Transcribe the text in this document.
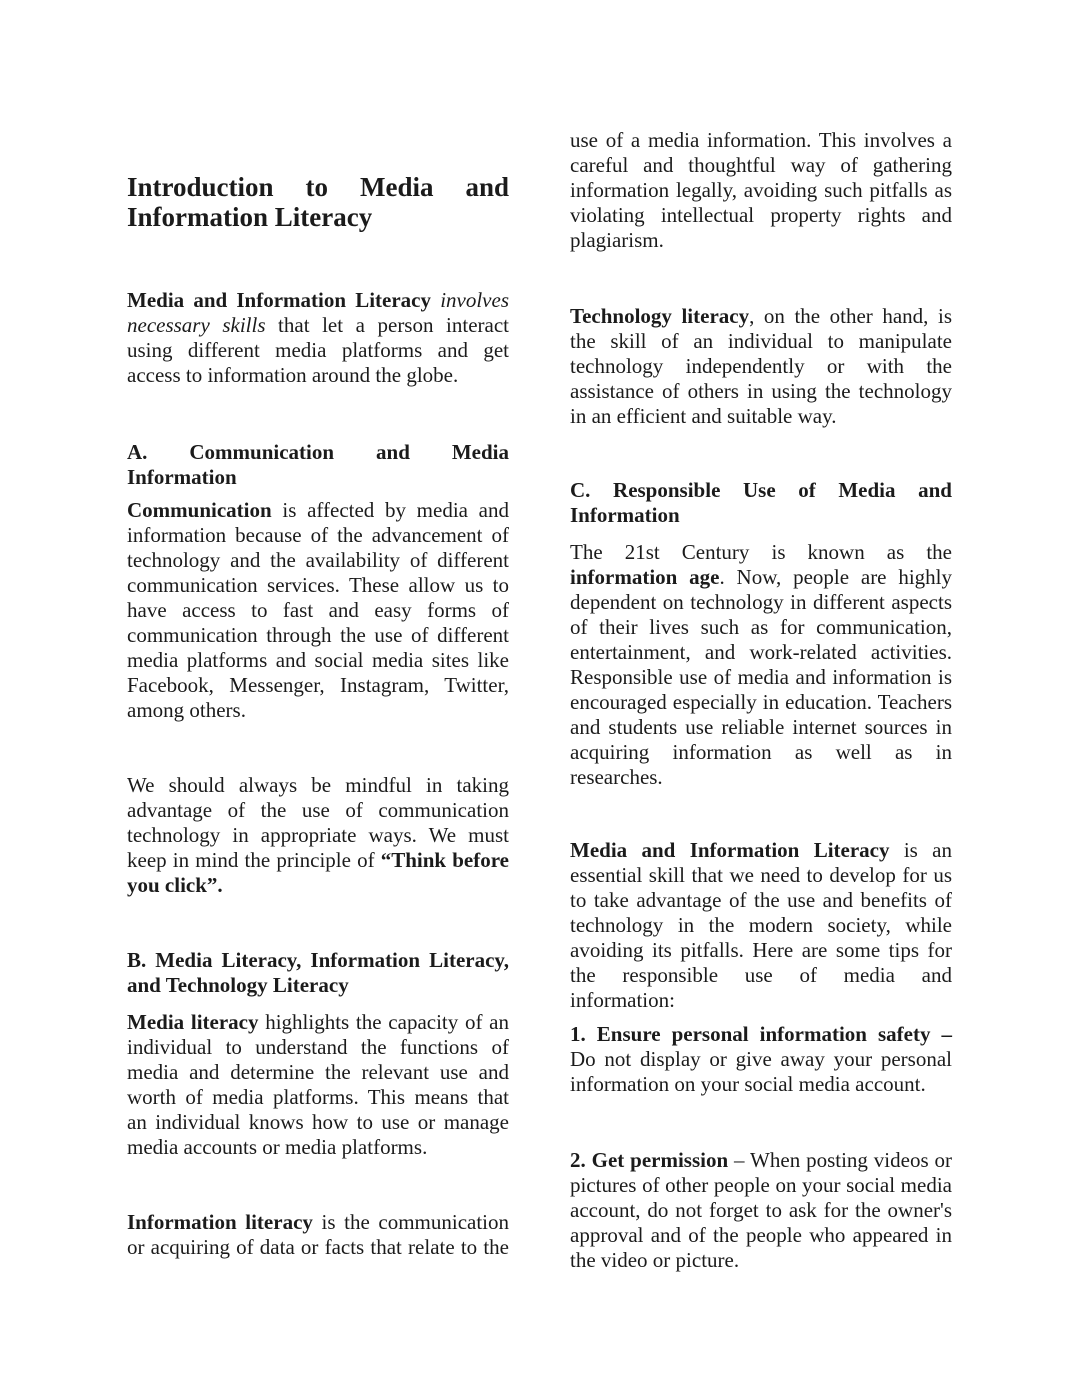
Introduction to Media and Information Literacy

Media and Information Literacy involves necessary skills that let a person interact using different media platforms and get access to information around the globe.

A. Communication and Media Information

Communication is affected by media and information because of the advancement of technology and the availability of different communication services. These allow us to have access to fast and easy forms of communication through the use of different media platforms and social media sites like Facebook, Messenger, Instagram, Twitter, among others.

We should always be mindful in taking advantage of the use of communication technology in appropriate ways. We must keep in mind the principle of “Think before you click”.

B. Media Literacy, Information Literacy, and Technology Literacy

Media literacy highlights the capacity of an individual to understand the functions of media and determine the relevant use and worth of media platforms. This means that an individual knows how to use or manage media accounts or media platforms.

Information literacy is the communication or acquiring of data or facts that relate to the

use of a media information. This involves a careful and thoughtful way of gathering information legally, avoiding such pitfalls as violating intellectual property rights and plagiarism.

Technology literacy, on the other hand, is the skill of an individual to manipulate technology independently or with the assistance of others in using the technology in an efficient and suitable way.

C. Responsible Use of Media and Information

The 21st Century is known as the information age. Now, people are highly dependent on technology in different aspects of their lives such as for communication, entertainment, and work-related activities. Responsible use of media and information is encouraged especially in education. Teachers and students use reliable internet sources in acquiring information as well as in researches.

Media and Information Literacy is an essential skill that we need to develop for us to take advantage of the use and benefits of technology in the modern society, while avoiding its pitfalls. Here are some tips for the responsible use of media and information:

1. Ensure personal information safety – Do not display or give away your personal information on your social media account.

2. Get permission – When posting videos or pictures of other people on your social media account, do not forget to ask for the owner's approval and of the people who appeared in the video or picture.
